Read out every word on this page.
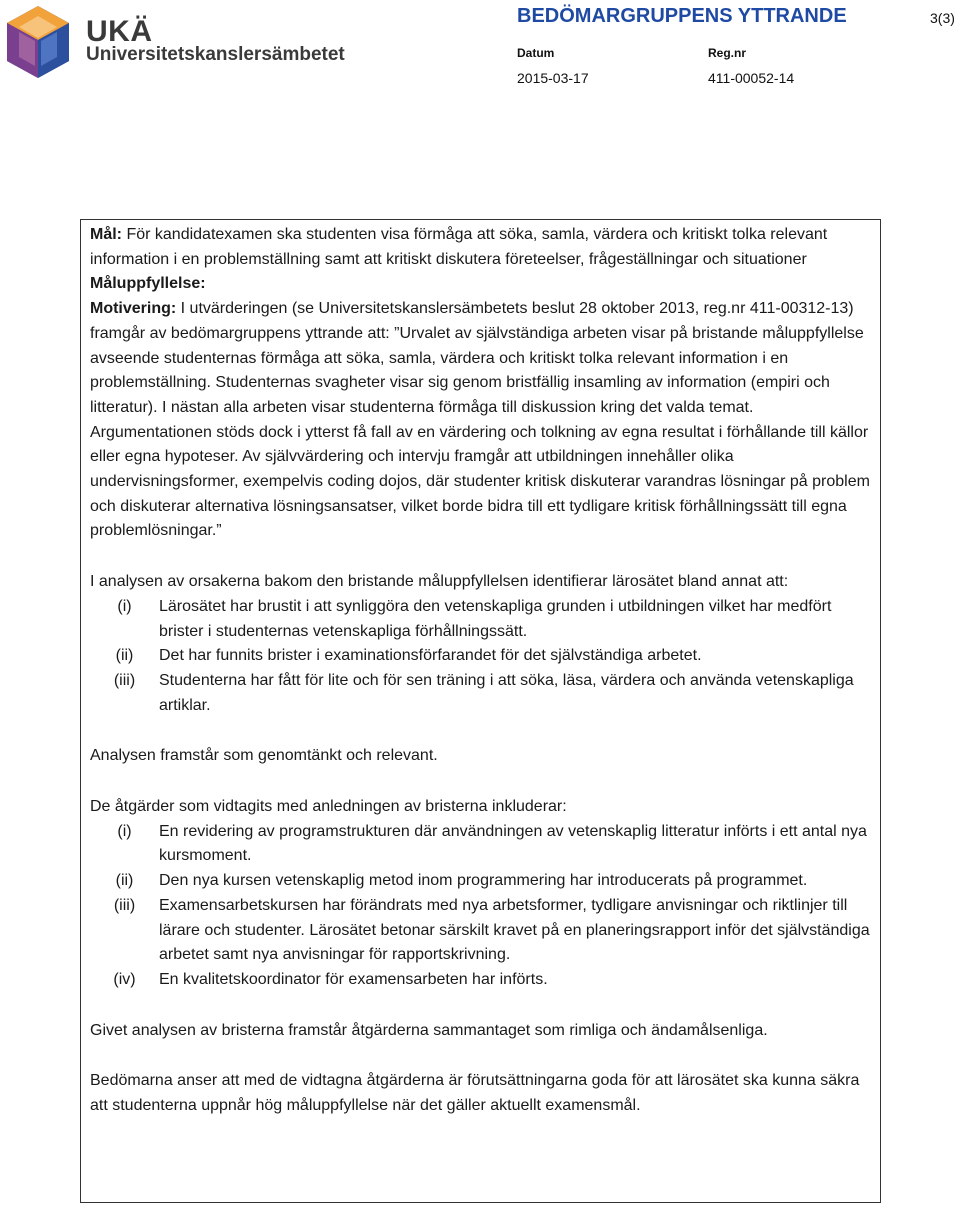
UKÄ
Universitetskanslersämbetet
BEDÖMARGRUPPENS YTTRANDE	3(3)
Datum	Reg.nr
2015-03-17	411-00052-14

Mål: För kandidatexamen ska studenten visa förmåga att söka, samla, värdera och kritiskt tolka relevant information i en problemställning samt att kritiskt diskutera företeelser, frågeställningar och situationer

Måluppfyllelse:

Motivering: I utvärderingen (se Universitetskanslersämbetets beslut 28 oktober 2013, reg.nr 411-00312-13) framgår av bedömargruppens yttrande att: ”Urvalet av självständiga arbeten visar på bristande måluppfyllelse avseende studenternas förmåga att söka, samla, värdera och kritiskt tolka relevant information i en problemställning. Studenternas svagheter visar sig genom bristfällig insamling av information (empiri och litteratur). I nästan alla arbeten visar studenterna förmåga till diskussion kring det valda temat. Argumentationen stöds dock i ytterst få fall av en värdering och tolkning av egna resultat i förhållande till källor eller egna hypoteser. Av självvärdering och intervju framgår att utbildningen innehåller olika undervisningsformer, exempelvis coding dojos, där studenter kritisk diskuterar varandras lösningar på problem och diskuterar alternativa lösningsansatser, vilket borde bidra till ett tydligare kritisk förhållningssätt till egna problemlösningar.”

I analysen av orsakerna bakom den bristande måluppfyllelsen identifierar lärosätet bland annat att:

(i)	Lärosätet har brustit i att synliggöra den vetenskapliga grunden i utbildningen vilket har medfört brister i studenternas vetenskapliga förhållningssätt.
(ii)	Det har funnits brister i examinationsförfarandet för det självständiga arbetet.
(iii)	Studenterna har fått för lite och för sen träning i att söka, läsa, värdera och använda vetenskapliga artiklar.

Analysen framstår som genomtänkt och relevant.

De åtgärder som vidtagits med anledningen av bristerna inkluderar:

(i)	En revidering av programstrukturen där användningen av vetenskaplig litteratur införts i ett antal nya kursmoment.
(ii)	Den nya kursen vetenskaplig metod inom programmering har introducerats på programmet.
(iii)	Examensarbetskursen har förändrats med nya arbetsformer, tydligare anvisningar och riktlinjer till lärare och studenter. Lärosätet betonar särskilt kravet på en planeringsrapport inför det självständiga arbetet samt nya anvisningar för rapportskrivning.
(iv)	En kvalitetskoordinator för examensarbeten har införts.

Givet analysen av bristerna framstår åtgärderna sammantaget som rimliga och ändamålsenliga.

Bedömarna anser att med de vidtagna åtgärderna är förutsättningarna goda för att lärosätet ska kunna säkra att studenterna uppnår hög måluppfyllelse när det gäller aktuellt examensmål.
